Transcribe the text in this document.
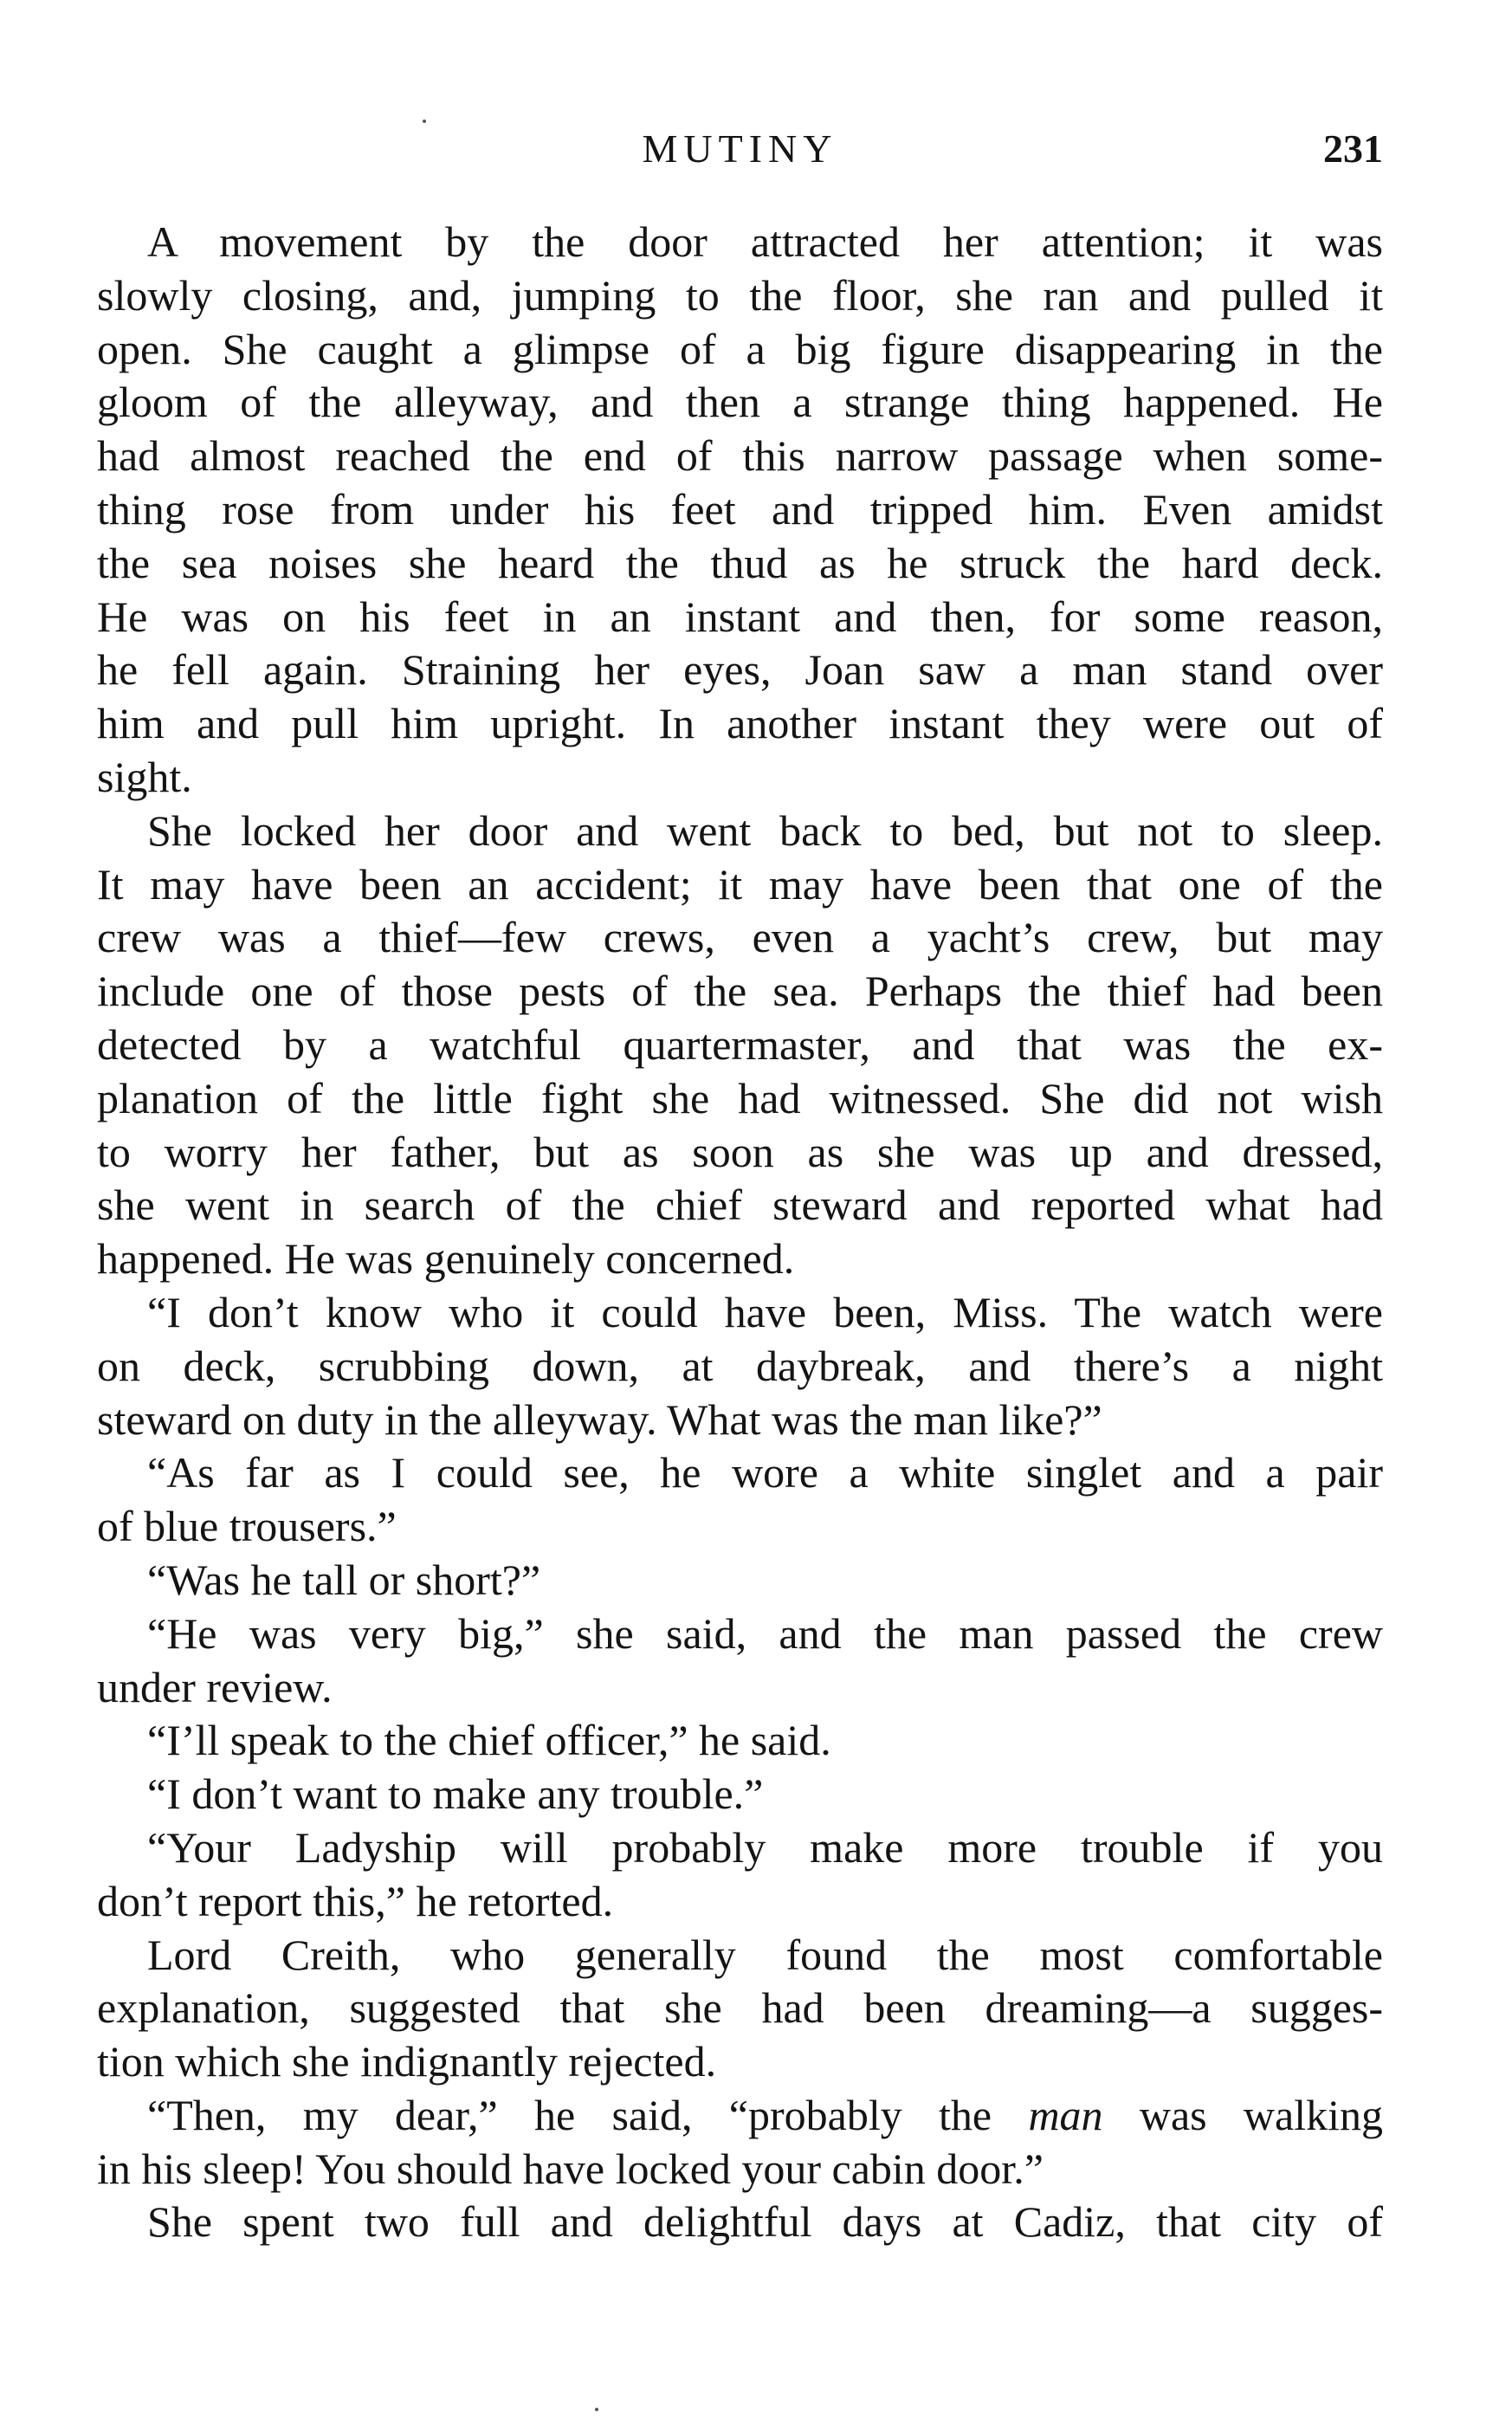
MUTINY	231
A movement by the door attracted her attention; it was
slowly closing, and, jumping to the floor, she ran and pulled it
open. She caught a glimpse of a big figure disappearing in the
gloom of the alleyway, and then a strange thing happened. He
had almost reached the end of this narrow passage when some-
thing rose from under his feet and tripped him. Even amidst
the sea noises she heard the thud as he struck the hard deck.
He was on his feet in an instant and then, for some reason,
he fell again. Straining her eyes, Joan saw a man stand over
him and pull him upright. In another instant they were out of
sight.
She locked her door and went back to bed, but not to sleep.
It may have been an accident; it may have been that one of the
crew was a thief—few crews, even a yacht’s crew, but may
include one of those pests of the sea. Perhaps the thief had been
detected by a watchful quartermaster, and that was the ex-
planation of the little fight she had witnessed. She did not wish
to worry her father, but as soon as she was up and dressed,
she went in search of the chief steward and reported what had
happened. He was genuinely concerned.
“I don’t know who it could have been, Miss. The watch were
on deck, scrubbing down, at daybreak, and there’s a night
steward on duty in the alleyway. What was the man like?”
“As far as I could see, he wore a white singlet and a pair
of blue trousers.”
“Was he tall or short?”
“He was very big,” she said, and the man passed the crew
under review.
“I’ll speak to the chief officer,” he said.
“I don’t want to make any trouble.”
“Your Ladyship will probably make more trouble if you
don’t report this,” he retorted.
Lord Creith, who generally found the most comfortable
explanation, suggested that she had been dreaming—a sugges-
tion which she indignantly rejected.
“Then, my dear,” he said, “probably the man was walking
in his sleep! You should have locked your cabin door.”
She spent two full and delightful days at Cadiz, that city of
